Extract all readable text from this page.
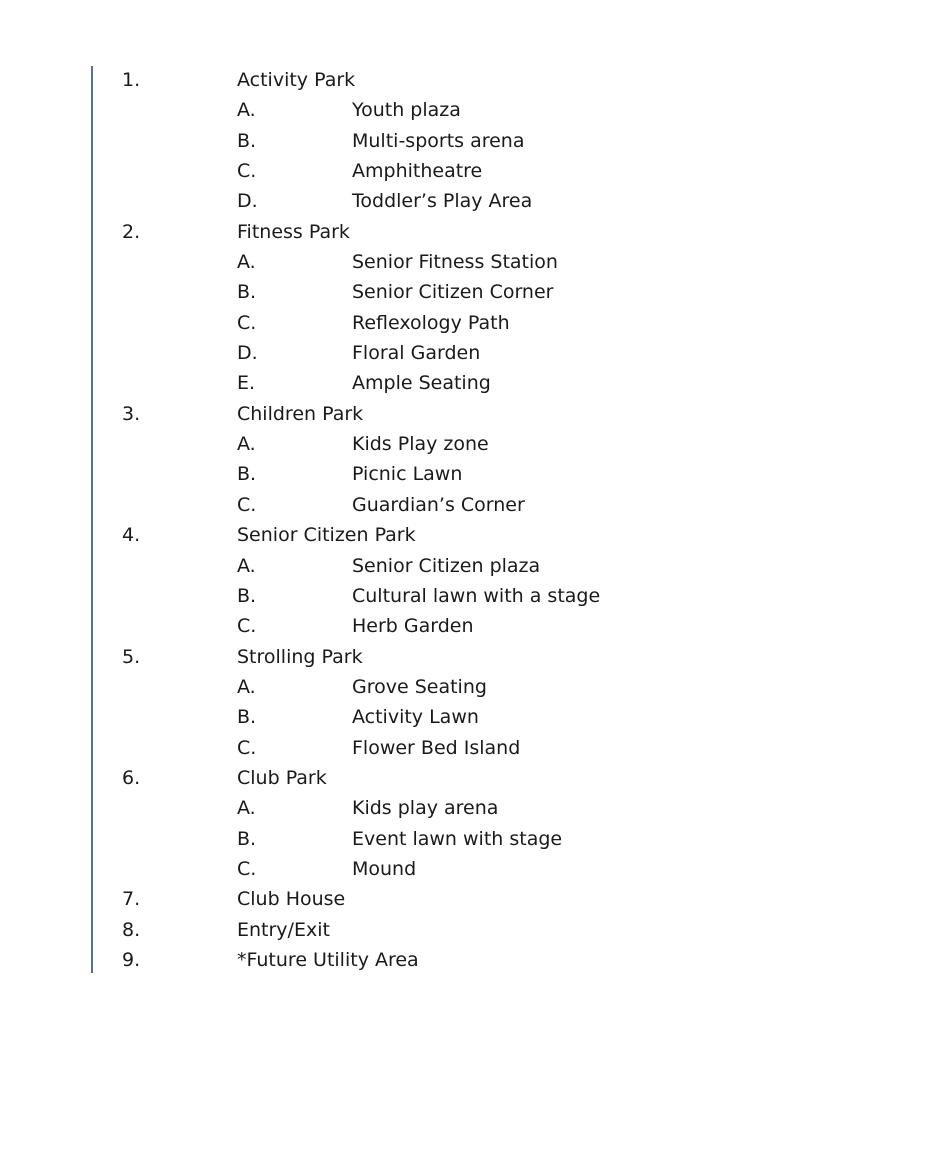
1.	Activity Park
A.	Youth plaza
B.	Multi-sports arena
C.	Amphitheatre
D.	Toddler’s Play Area
2.	Fitness Park
A.	Senior Fitness Station
B.	Senior Citizen Corner
C.	Reflexology Path
D.	Floral Garden
E.	Ample Seating
3.	Children Park
A.	Kids Play zone
B.	Picnic Lawn
C.	Guardian’s Corner
4.	Senior Citizen Park
A.	Senior Citizen plaza
B.	Cultural lawn with a stage
C.	Herb Garden
5.	Strolling Park
A.	Grove Seating
B.	Activity Lawn
C.	Flower Bed Island
6.	Club Park
A.	Kids play arena
B.	Event lawn with stage
C.	Mound
7.	Club House
8.	Entry/Exit
9.	*Future Utility Area
